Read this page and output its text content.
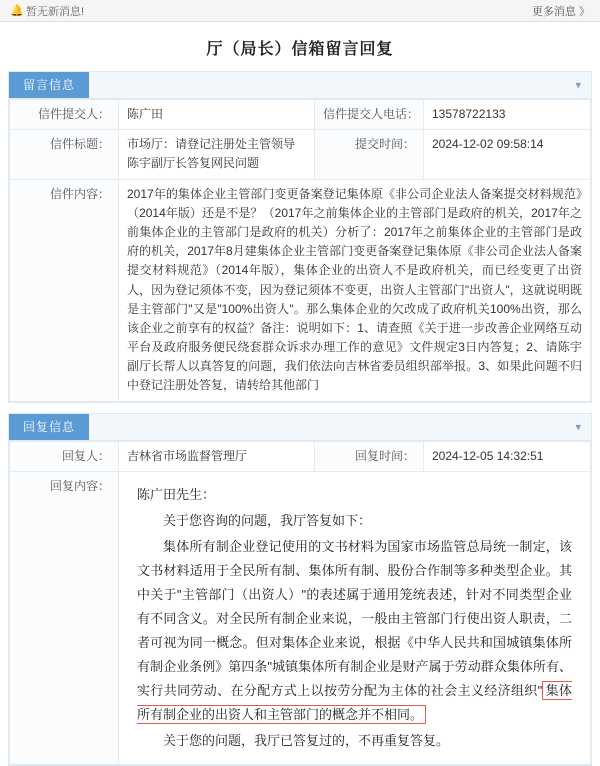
🔔 暂无新消息!	更多消息 》
厅（局长）信箱留言回复
留言信息	▾
信件提交人：	陈广田	信件提交人电话：	13578722133
信件标题：	市场厅：请登记注册处主管领导陈宇副厅长答复网民问题	提交时间：	2024-12-02 09:58:14
信件内容：	2017年的集体企业主管部门变更备案登记集体原《非公司企业法人备案提交材料规范》（2014年版）还是不是？（2017年之前集体企业的主管部门是政府的机关，2017年之前集体企业的主管部门是政府的机关）分析了：2017年之前集体企业的主管部门是政府的机关，2017年8月建集体企业主管部门变更备案登记集体原《非公司企业法人备案提交材料规范》（2014年版），集体企业的出资人不是政府机关，而已经变更了出资人，因为登记须体不变，因为登记须体不变更，出资人主管部门"出资人"，这就说明既是主管部门"又是"100%出资人"。那么集体企业的欠改成了政府机关100%出资，那么该企业之前享有的权益？备注：说明如下：1、请查照《关于进一步改善企业网络互动平台及政府服务便民绕套群众诉求办理工作的意见》文件规定3日内答复；2、请陈宇副厅长帮人以真答复的问题，我们依法向吉林省委员组织部举报。3、如果此问题不归中登记注册处答复，请转给其他部门		
回复信息	▾
回复人：	吉林省市场监督管理厅	回复时间：	2024-12-05 14:32:51
回复内容：	陈广田先生：

关于您咨询的问题，我厅答复如下：

集体所有制企业登记使用的文书材料为国家市场监管总局统一制定，该文书材料适用于全民所有制、集体所有制、股份合作制等多种类型企业。其中关于"主管部门（出资人）"的表述属于通用笼统表述，针对不同类型企业有不同含义。对全民所有制企业来说，一般由主管部门行使出资人职责，二者可视为同一概念。但对集体企业来说，根据《中华人民共和国城镇集体所有制企业条例》第四条"城镇集体所有制企业是财产属于劳动群众集体所有、实行共同劳动、在分配方式上以按劳分配为主体的社会主义经济组织" 集体所有制企业的出资人和主管部门的概念并不相同。

关于您的问题，我厅已答复过的，不再重复答复。		
